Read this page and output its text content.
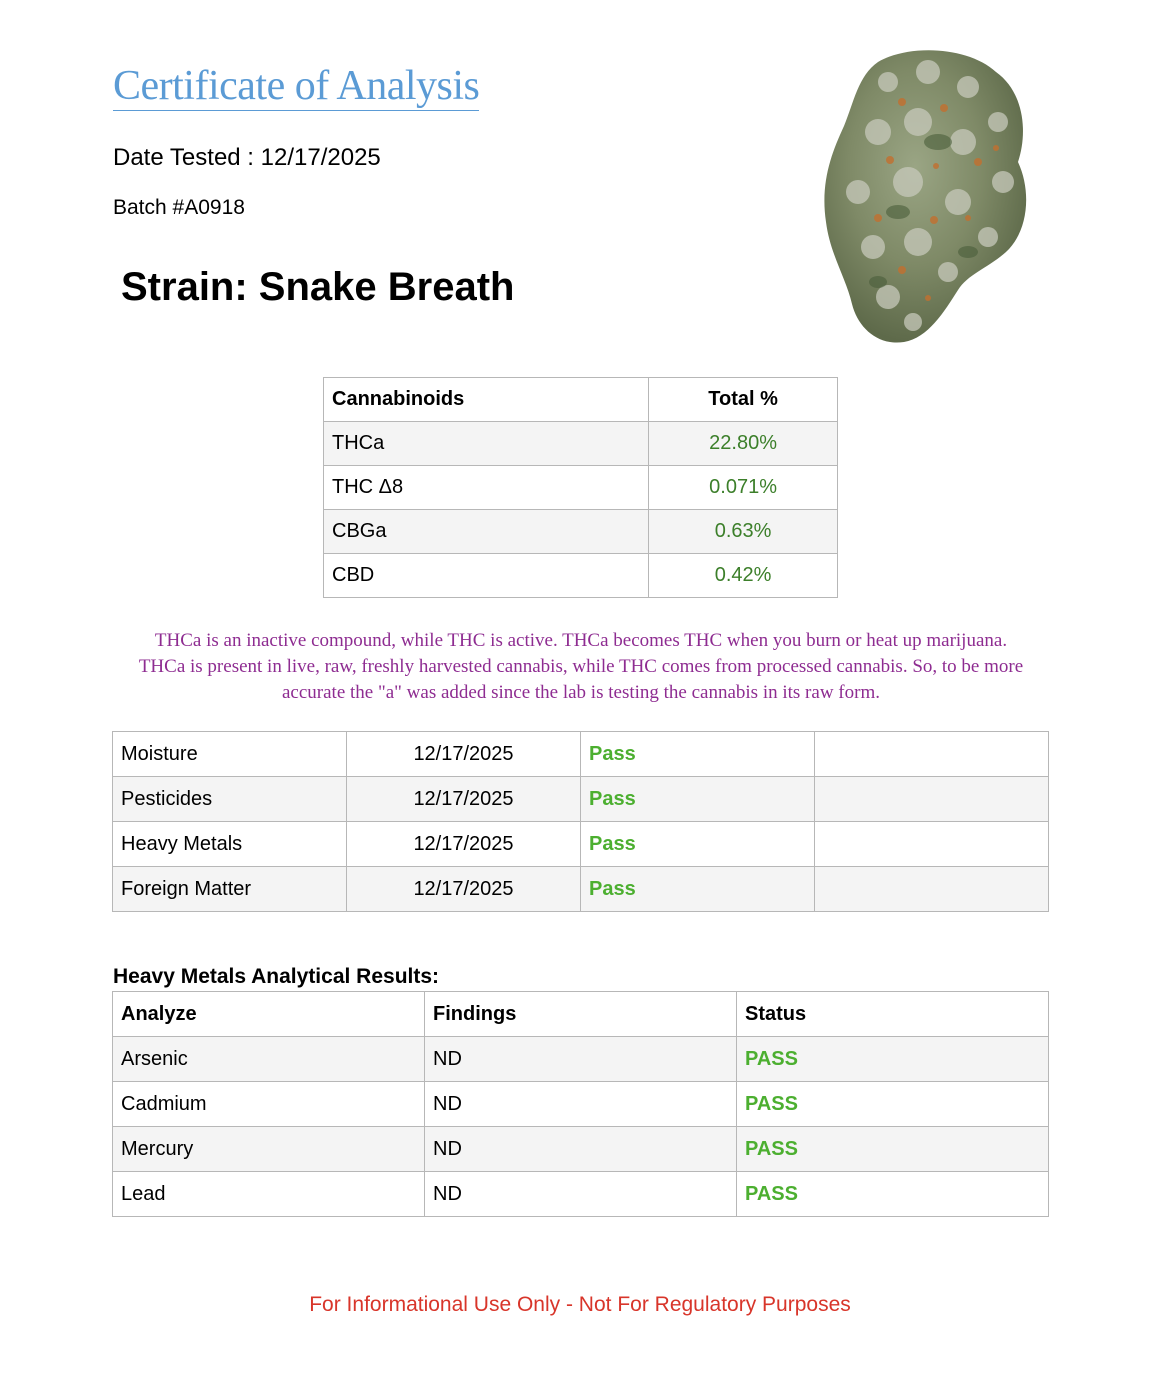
Certificate of Analysis
Date Tested : 12/17/2025
Batch #A0918
Strain: Snake Breath
Cannabinoids	Total %
THCa	22.80%
THC Δ8	0.071%
CBGa	0.63%
CBD	0.42%
THCa is an inactive compound, while THC is active. THCa becomes THC when you burn or heat up marijuana.
THCa is present in live, raw, freshly harvested cannabis, while THC comes from processed cannabis. So, to be more
accurate the "a" was added since the lab is testing the cannabis in its raw form.
Moisture	12/17/2025	Pass	
Pesticides	12/17/2025	Pass	
Heavy Metals	12/17/2025	Pass	
Foreign Matter	12/17/2025	Pass	
Heavy Metals Analytical Results:
Analyze	Findings	Status
Arsenic	ND	PASS
Cadmium	ND	PASS
Mercury	ND	PASS
Lead	ND	PASS
For Informational Use Only - Not For Regulatory Purposes
